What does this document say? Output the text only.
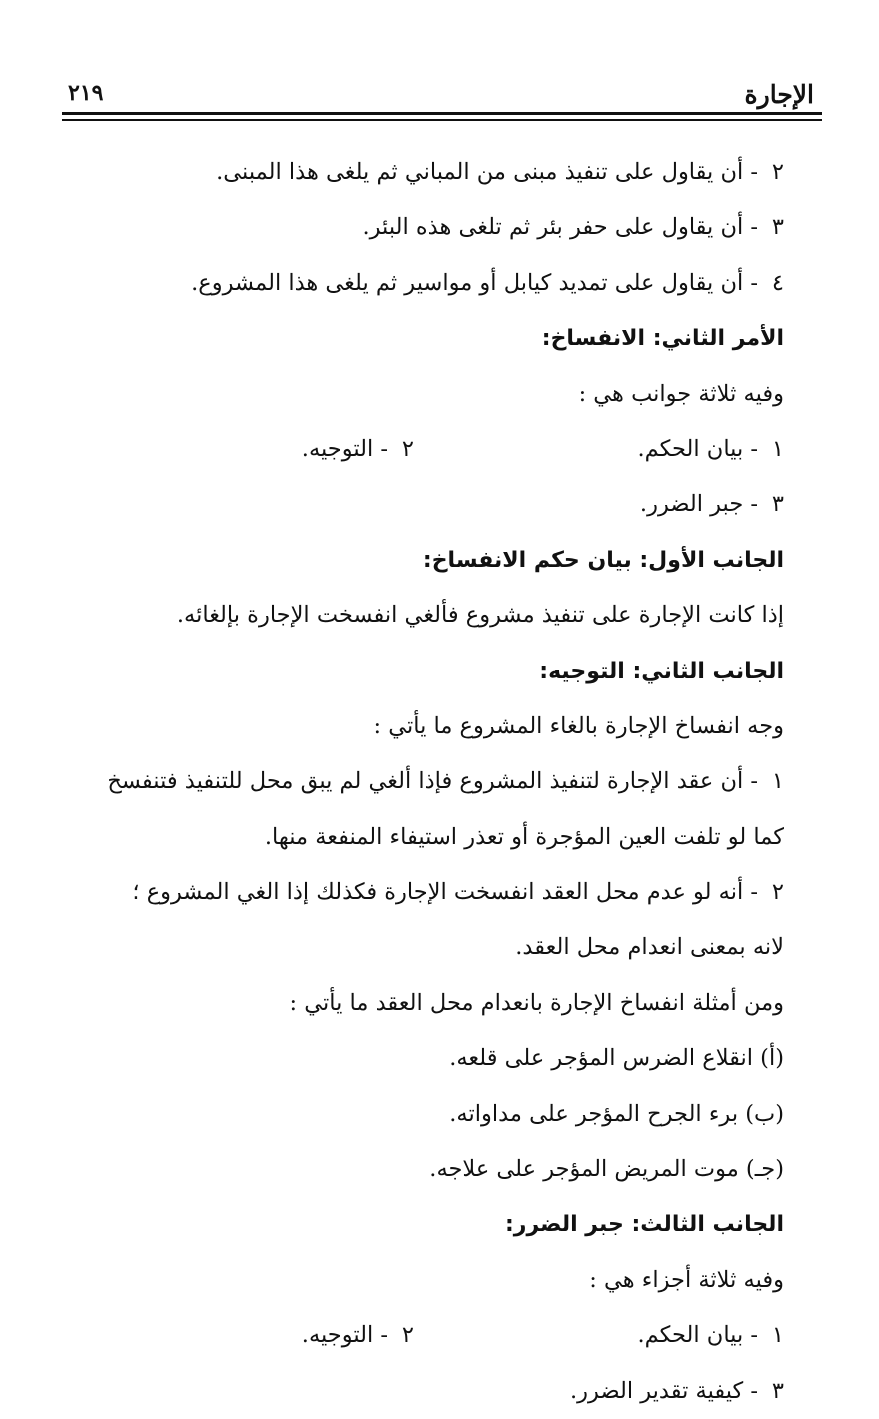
الإجارة
٢١٩
٢- أن يقاول على تنفيذ مبنى من المباني ثم يلغى هذا المبنى.
٣- أن يقاول على حفر بئر ثم تلغى هذه البئر.
٤- أن يقاول على تمديد كيابل أو مواسير ثم يلغى هذا المشروع.
الأمر الثاني: الانفساخ:
وفيه ثلاثة جوانب هي :
١- بيان الحكم.
٢- التوجيه.
٣- جبر الضرر.
الجانب الأول: بيان حكم الانفساخ:
إذا كانت الإجارة على تنفيذ مشروع فألغي انفسخت الإجارة بإلغائه.
الجانب الثاني: التوجيه:
وجه انفساخ الإجارة بالغاء المشروع ما يأتي :
١- أن عقد الإجارة لتنفيذ المشروع فإذا ألغي لم يبق محل للتنفيذ فتنفسخ
كما لو تلفت العين المؤجرة أو تعذر استيفاء المنفعة منها.
٢- أنه لو عدم محل العقد انفسخت الإجارة فكذلك إذا الغي المشروع ؛
لانه بمعنى انعدام محل العقد.
ومن أمثلة انفساخ الإجارة بانعدام محل العقد ما يأتي :
(أ) انقلاع الضرس المؤجر على قلعه.
(ب) برء الجرح المؤجر على مداواته.
(جـ) موت المريض المؤجر على علاجه.
الجانب الثالث: جبر الضرر:
وفيه ثلاثة أجزاء هي :
١- بيان الحكم.
٢- التوجيه.
٣- كيفية تقدير الضرر.
